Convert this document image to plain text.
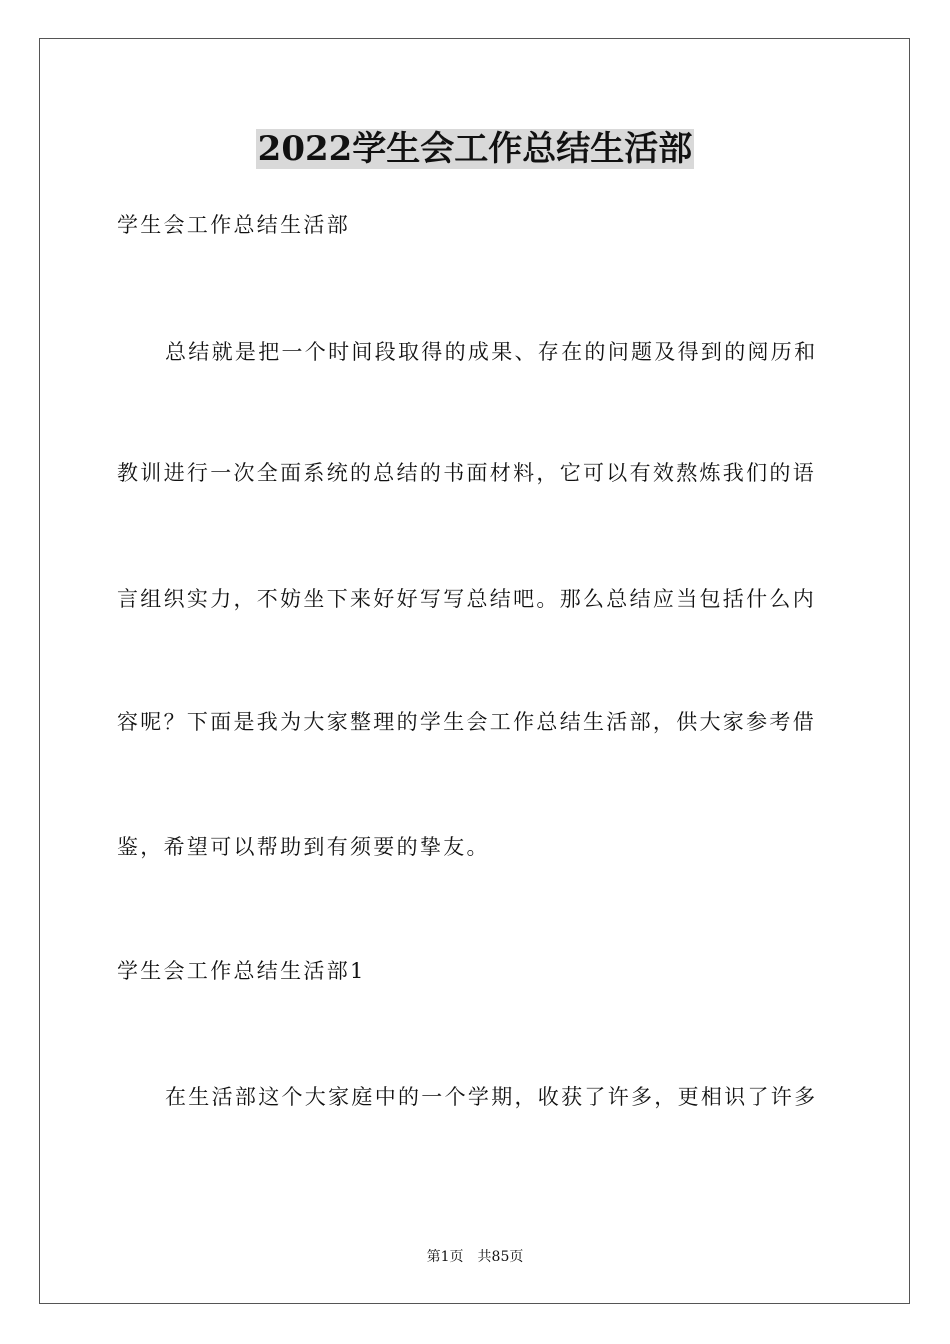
2022学生会工作总结生活部
学生会工作总结生活部
总结就是把一个时间段取得的成果、存在的问题及得到的阅历和
教训进行一次全面系统的总结的书面材料，它可以有效熬炼我们的语
言组织实力，不妨坐下来好好写写总结吧。那么总结应当包括什么内
容呢？下面是我为大家整理的学生会工作总结生活部，供大家参考借
鉴，希望可以帮助到有须要的挚友。
学生会工作总结生活部1
在生活部这个大家庭中的一个学期，收获了许多，更相识了许多
第1页 共85页
